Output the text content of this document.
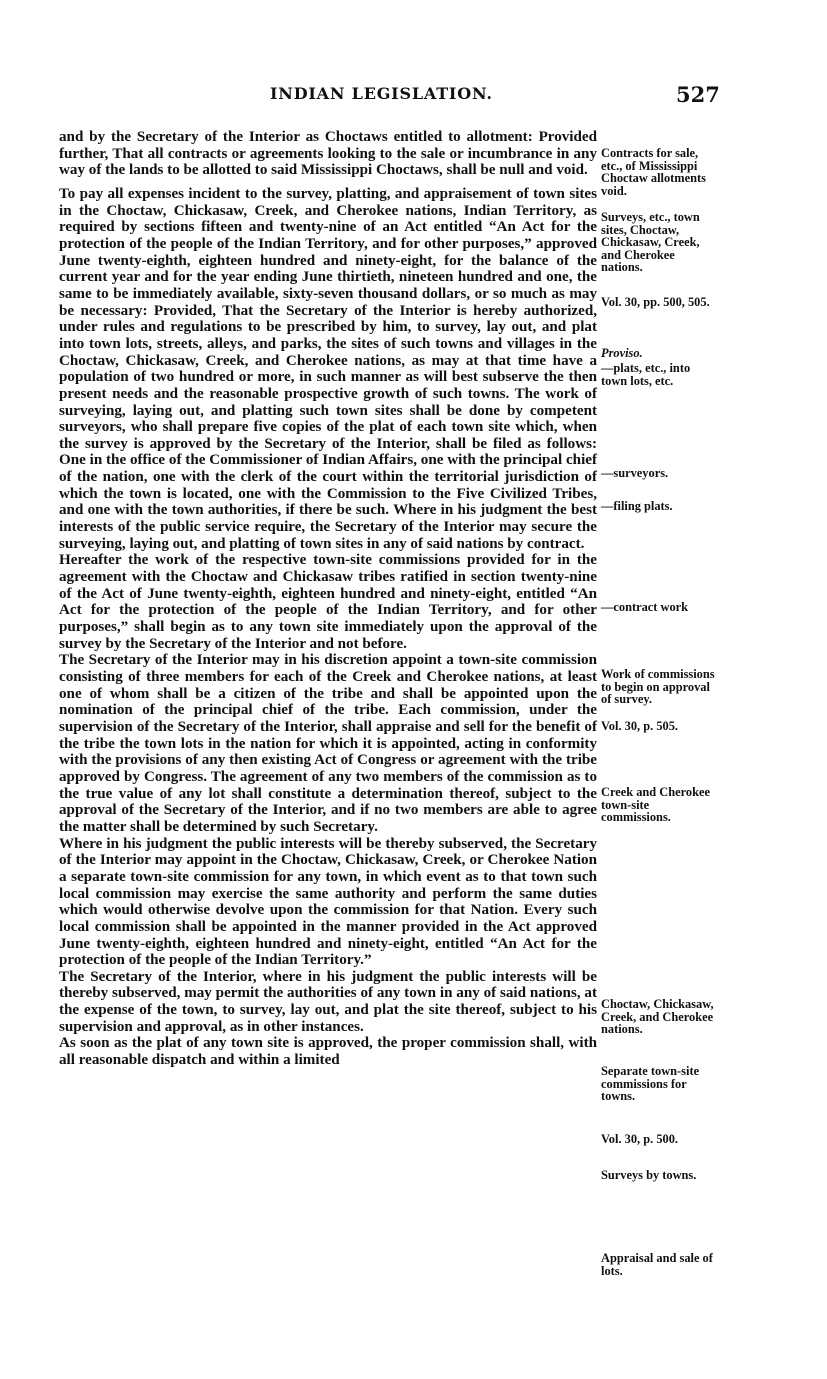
INDIAN LEGISLATION.	527

and by the Secretary of the Interior as Choctaws entitled to allotment: Provided further, That all contracts or agreements looking to the sale or incumbrance in any way of the lands to be allotted to said Mississippi Choctaws, shall be null and void.

To pay all expenses incident to the survey, platting, and appraisement of town sites in the Choctaw, Chickasaw, Creek, and Cherokee nations, Indian Territory, as required by sections fifteen and twenty-nine of an Act entitled “An Act for the protection of the people of the Indian Territory, and for other purposes,” approved June twenty-eighth, eighteen hundred and ninety-eight, for the balance of the current year and for the year ending June thirtieth, nineteen hundred and one, the same to be immediately available, sixty-seven thousand dollars, or so much as may be necessary: Provided, That the Secretary of the Interior is hereby authorized, under rules and regulations to be prescribed by him, to survey, lay out, and plat into town lots, streets, alleys, and parks, the sites of such towns and villages in the Choctaw, Chickasaw, Creek, and Cherokee nations, as may at that time have a population of two hundred or more, in such manner as will best subserve the then present needs and the reasonable prospective growth of such towns. The work of surveying, laying out, and platting such town sites shall be done by competent surveyors, who shall prepare five copies of the plat of each town site which, when the survey is approved by the Secretary of the Interior, shall be filed as follows: One in the office of the Commissioner of Indian Affairs, one with the principal chief of the nation, one with the clerk of the court within the territorial jurisdiction of which the town is located, one with the Commission to the Five Civilized Tribes, and one with the town authorities, if there be such. Where in his judgment the best interests of the public service require, the Secretary of the Interior may secure the surveying, laying out, and platting of town sites in any of said nations by contract.

Hereafter the work of the respective town-site commissions provided for in the agreement with the Choctaw and Chickasaw tribes ratified in section twenty-nine of the Act of June twenty-eighth, eighteen hundred and ninety-eight, entitled “An Act for the protection of the people of the Indian Territory, and for other purposes,” shall begin as to any town site immediately upon the approval of the survey by the Secretary of the Interior and not before.

The Secretary of the Interior may in his discretion appoint a town-site commission consisting of three members for each of the Creek and Cherokee nations, at least one of whom shall be a citizen of the tribe and shall be appointed upon the nomination of the principal chief of the tribe. Each commission, under the supervision of the Secretary of the Interior, shall appraise and sell for the benefit of the tribe the town lots in the nation for which it is appointed, acting in conformity with the provisions of any then existing Act of Congress or agreement with the tribe approved by Congress. The agreement of any two members of the commission as to the true value of any lot shall constitute a determination thereof, subject to the approval of the Secretary of the Interior, and if no two members are able to agree the matter shall be determined by such Secretary.

Where in his judgment the public interests will be thereby subserved, the Secretary of the Interior may appoint in the Choctaw, Chickasaw, Creek, or Cherokee Nation a separate town-site commission for any town, in which event as to that town such local commission may exercise the same authority and perform the same duties which would otherwise devolve upon the commission for that Nation. Every such local commission shall be appointed in the manner provided in the Act approved June twenty-eighth, eighteen hundred and ninety-eight, entitled “An Act for the protection of the people of the Indian Territory.”

The Secretary of the Interior, where in his judgment the public interests will be thereby subserved, may permit the authorities of any town in any of said nations, at the expense of the town, to survey, lay out, and plat the site thereof, subject to his supervision and approval, as in other instances.

As soon as the plat of any town site is approved, the proper commission shall, with all reasonable dispatch and within a limited

Contracts for sale, etc., of Mississippi Choctaw allotments void.
Surveys, etc., town sites, Choctaw, Chickasaw, Creek, and Cherokee nations.
Vol. 30, pp. 500, 505.
Proviso.
—plats, etc., into town lots, etc.
—surveyors.
—filing plats.
—contract work
Work of commissions to begin on approval of survey.
Vol. 30, p. 505.
Creek and Cherokee town-site commissions.
Choctaw, Chickasaw, Creek, and Cherokee nations.
Separate town-site commissions for towns.
Vol. 30, p. 500.
Surveys by towns.
Appraisal and sale of lots.
